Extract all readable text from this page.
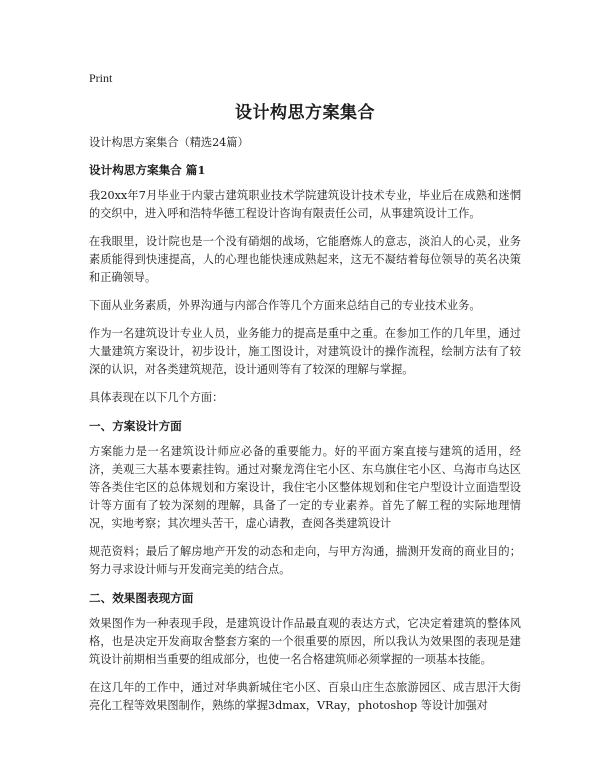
Print
设计构思方案集合

设计构思方案集合（精选24篇）

设计构思方案集合 篇1

我20xx年7月毕业于内蒙古建筑职业技术学院建筑设计技术专业，毕业后在成熟和迷惘的交织中，进入呼和浩特华德工程设计咨询有限责任公司，从事建筑设计工作。

在我眼里，设计院也是一个没有硝烟的战场，它能磨炼人的意志，淡泊人的心灵，业务素质能得到快速提高，人的心理也能快速成熟起来，这无不凝结着每位领导的英名决策和正确领导。

下面从业务素质，外界沟通与内部合作等几个方面来总结自己的专业技术业务。

作为一名建筑设计专业人员，业务能力的提高是重中之重。在参加工作的几年里，通过大量建筑方案设计，初步设计，施工图设计，对建筑设计的操作流程，绘制方法有了较深的认识，对各类建筑规范，设计通则等有了较深的理解与掌握。

具体表现在以下几个方面：

一、方案设计方面

方案能力是一名建筑设计师应必备的重要能力。好的平面方案直接与建筑的适用，经济，美观三大基本要素挂钩。通过对聚龙湾住宅小区、东乌旗住宅小区、乌海市乌达区等各类住宅区的总体规划和方案设计，我住宅小区整体规划和住宅户型设计立面造型设计等方面有了较为深刻的理解，具备了一定的专业素养。首先了解工程的实际地理情况，实地考察；其次埋头苦干，虚心请教，查阅各类建筑设计

规范资料；最后了解房地产开发的动态和走向，与甲方沟通，揣测开发商的商业目的；努力寻求设计师与开发商完美的结合点。

二、效果图表现方面

效果图作为一种表现手段，是建筑设计作品最直观的表达方式，它决定着建筑的整体风格，也是决定开发商取舍整套方案的一个很重要的原因，所以我认为效果图的表现是建筑设计前期相当重要的组成部分，也使一名合格建筑师必须掌握的一项基本技能。

在这几年的工作中，通过对华典新城住宅小区、百泉山庄生态旅游园区、成吉思汗大街亮化工程等效果图制作，熟练的掌握3dmax，VRay，photoshop 等设计加强对
